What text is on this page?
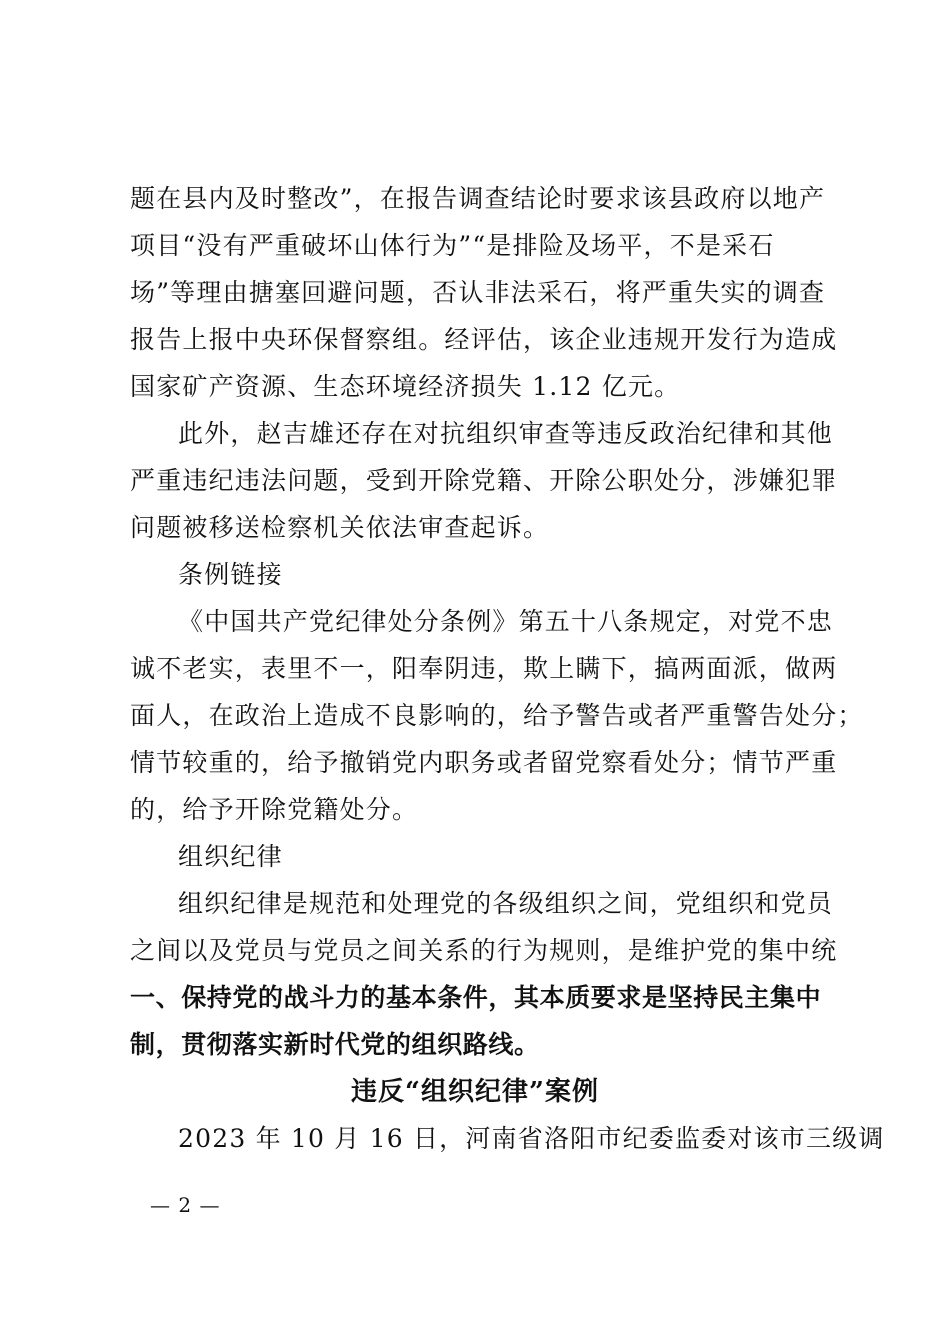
题在县内及时整改”，在报告调查结论时要求该县政府以地产
项目“没有严重破坏山体行为”“是排险及场平，不是采石
场”等理由搪塞回避问题，否认非法采石，将严重失实的调查
报告上报中央环保督察组。经评估，该企业违规开发行为造成
国家矿产资源、生态环境经济损失 1.12 亿元。
此外，赵吉雄还存在对抗组织审查等违反政治纪律和其他
严重违纪违法问题，受到开除党籍、开除公职处分，涉嫌犯罪
问题被移送检察机关依法审查起诉。
条例链接
《中国共产党纪律处分条例》第五十八条规定，对党不忠
诚不老实，表里不一，阳奉阴违，欺上瞒下，搞两面派，做两
面人，在政治上造成不良影响的，给予警告或者严重警告处分；
情节较重的，给予撤销党内职务或者留党察看处分；情节严重
的，给予开除党籍处分。
组织纪律
组织纪律是规范和处理党的各级组织之间，党组织和党员
之间以及党员与党员之间关系的行为规则，是维护党的集中统
一、保持党的战斗力的基本条件，其本质要求是坚持民主集中
制，贯彻落实新时代党的组织路线。
违反“组织纪律”案例
2023 年 10 月 16 日，河南省洛阳市纪委监委对该市三级调
— 2 —
